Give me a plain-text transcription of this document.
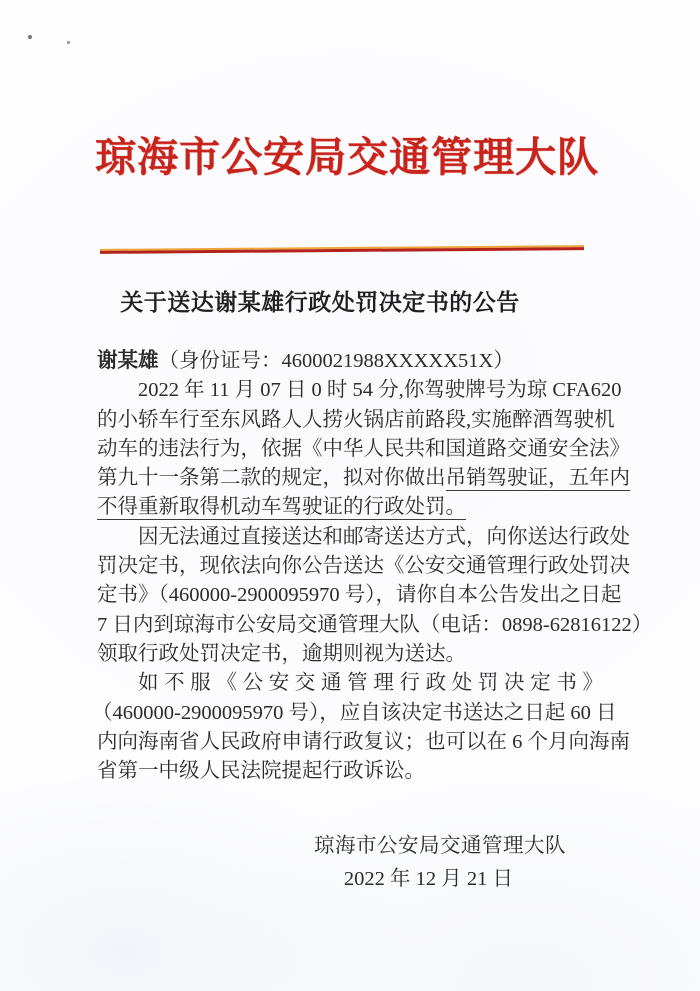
琼海市公安局交通管理大队
关于送达谢某雄行政处罚决定书的公告
谢某雄（身份证号：4600021988XXXXX51X）
2022 年 11 月 07 日 0 时 54 分,你驾驶牌号为琼 CFA620
的小轿车行至东风路人人捞火锅店前路段,实施醉酒驾驶机
动车的违法行为，依据《中华人民共和国道路交通安全法》
第九十一条第二款的规定，拟对你做出吊销驾驶证，五年内
不得重新取得机动车驾驶证的行政处罚。
因无法通过直接送达和邮寄送达方式，向你送达行政处
罚决定书，现依法向你公告送达《公安交通管理行政处罚决
定书》（460000-2900095970 号），请你自本公告发出之日起
7 日内到琼海市公安局交通管理大队（电话：0898-62816122）
领取行政处罚决定书，逾期则视为送达。
如不服《公安交通管理行政处罚决定书》
（460000-2900095970 号），应自该决定书送达之日起 60 日
内向海南省人民政府申请行政复议；也可以在 6 个月向海南
省第一中级人民法院提起行政诉讼。
琼海市公安局交通管理大队
2022 年 12 月 21 日
